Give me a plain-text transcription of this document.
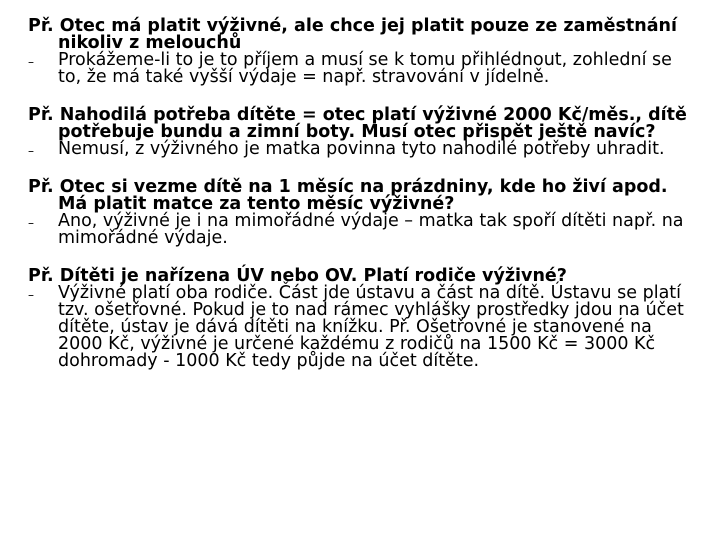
Př. Otec má platit výživné, ale chce jej platit pouze ze zaměstnání nikoliv z melouchů
– Prokážeme-li to je to příjem a musí se k tomu přihlédnout, zohlední se to, že má také vyšší výdaje = např. stravování v jídelně.
Př. Nahodilá potřeba dítěte = otec platí výživné 2000 Kč/měs., dítě potřebuje bundu a zimní boty. Musí otec přispět ještě navíc?
– Nemusí, z výživného je matka povinna tyto nahodilé potřeby uhradit.
Př. Otec si vezme dítě na 1 měsíc na prázdniny, kde ho živí apod. Má platit matce za tento měsíc výživné?
– Ano, výživné je i na mimořádné výdaje – matka tak spoří dítěti např. na mimořádné výdaje.
Př. Dítěti je nařízena ÚV nebo OV. Platí rodiče výživné?
– Výživné platí oba rodiče. Část jde ústavu a část na dítě. Ústavu se platí tzv. ošetřovné. Pokud je to nad rámec vyhlášky prostředky jdou na účet dítěte, ústav je dává dítěti na knížku. Př. Ošetřovné je stanovené na 2000 Kč, výživné je určené každému z rodičů na 1500 Kč = 3000 Kč dohromady - 1000 Kč tedy půjde na účet dítěte.
